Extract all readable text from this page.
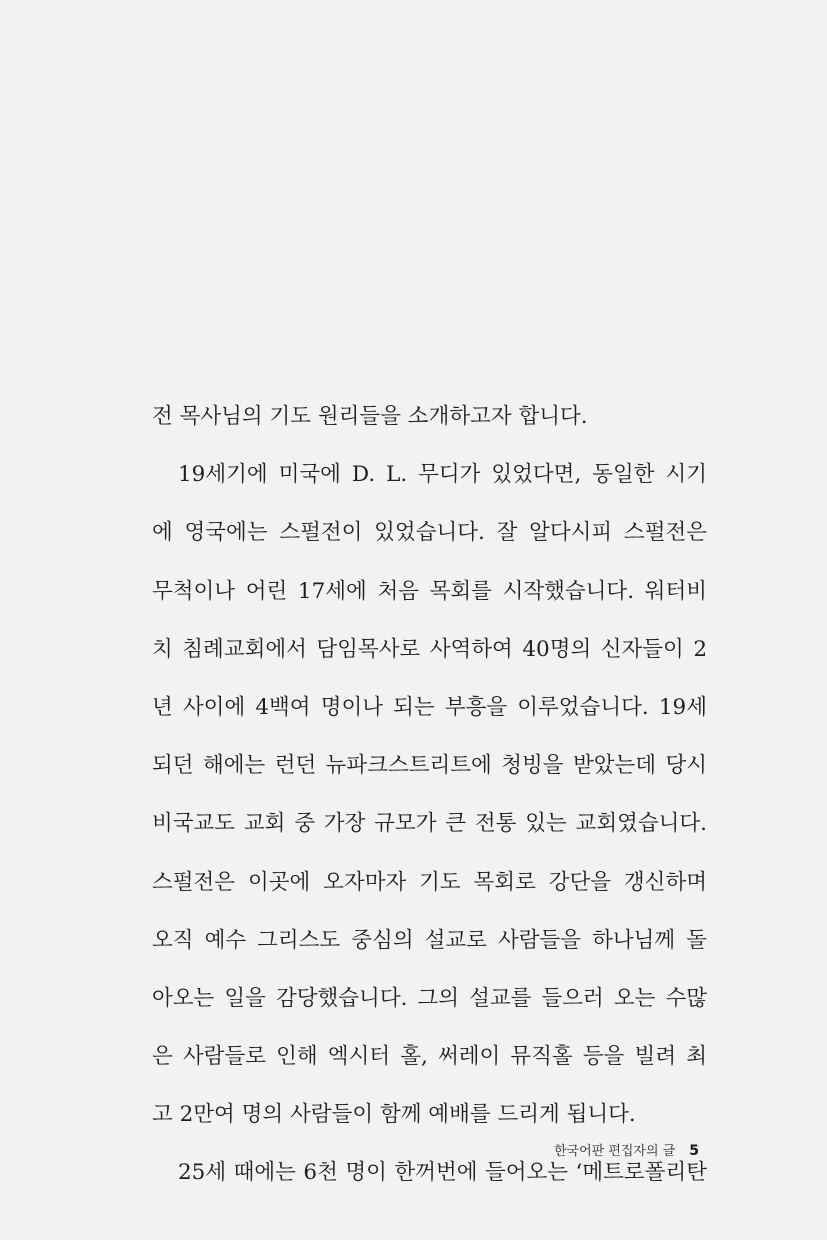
전 목사님의 기도 원리들을 소개하고자 합니다.
19세기에 미국에 D. L. 무디가 있었다면, 동일한 시기
에 영국에는 스펄전이 있었습니다. 잘 알다시피 스펄전은
무척이나 어린 17세에 처음 목회를 시작했습니다. 워터비
치 침례교회에서 담임목사로 사역하여 40명의 신자들이 2
년 사이에 4백여 명이나 되는 부흥을 이루었습니다. 19세
되던 해에는 런던 뉴파크스트리트에 청빙을 받았는데 당시
비국교도 교회 중 가장 규모가 큰 전통 있는 교회였습니다.
스펄전은 이곳에 오자마자 기도 목회로 강단을 갱신하며
오직 예수 그리스도 중심의 설교로 사람들을 하나님께 돌
아오는 일을 감당했습니다. 그의 설교를 들으러 오는 수많
은 사람들로 인해 엑시터 홀, 써레이 뮤직홀 등을 빌려 최
고 2만여 명의 사람들이 함께 예배를 드리게 됩니다.
25세 때에는 6천 명이 한꺼번에 들어오는 ‘메트로폴리탄
한국어판 편집자의 글 5
